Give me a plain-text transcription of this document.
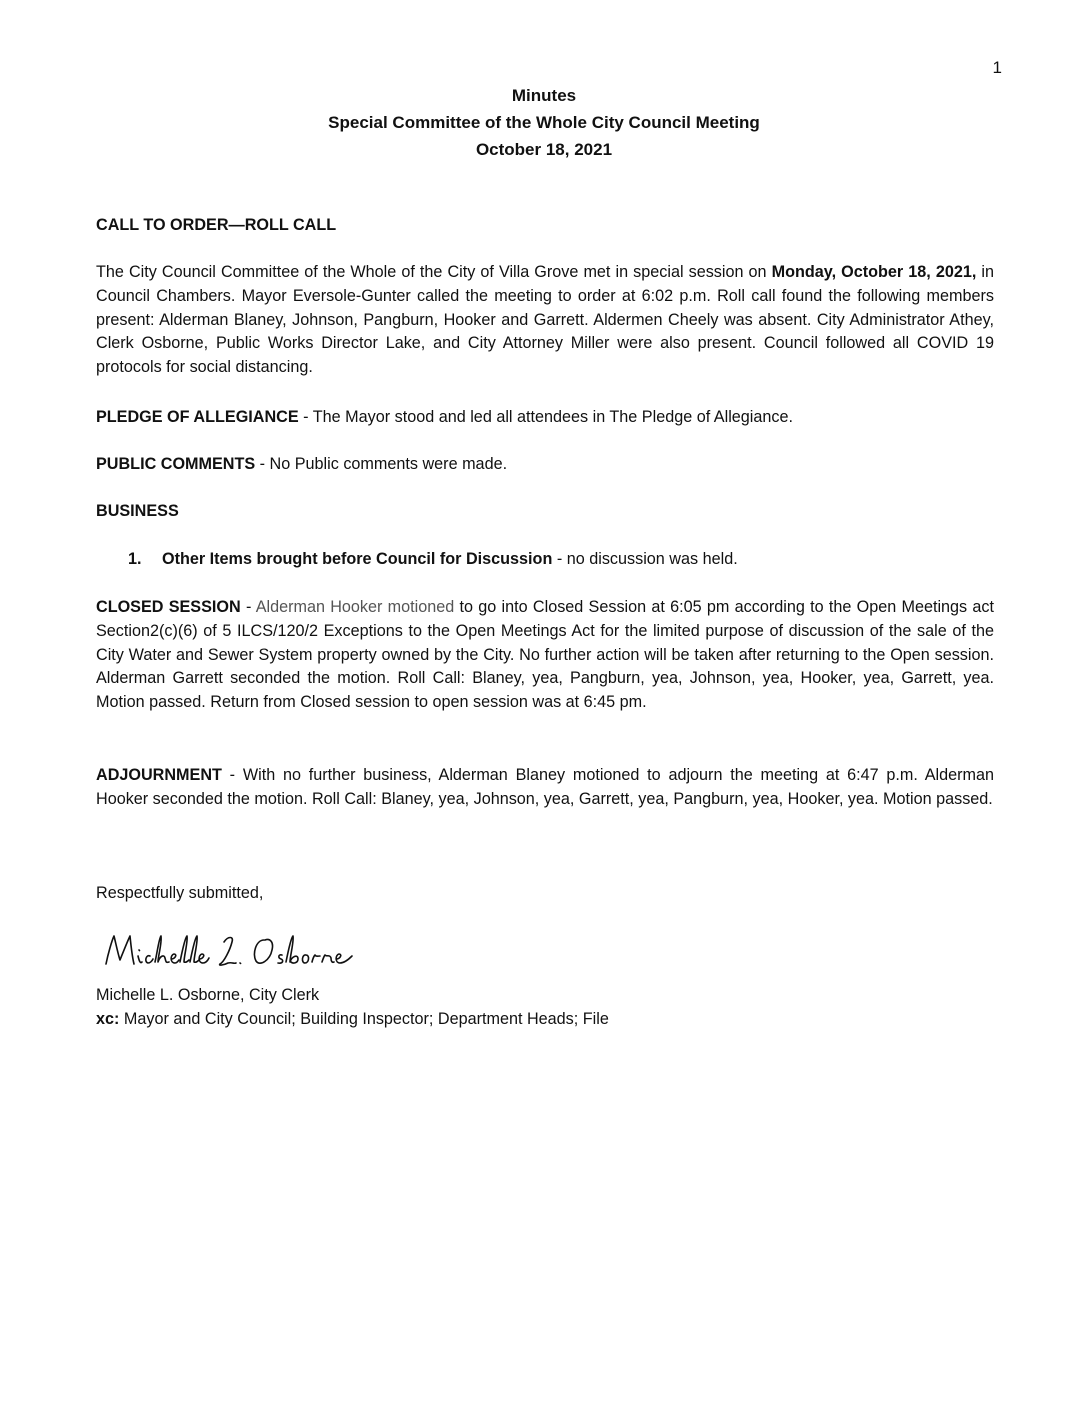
1
Minutes
Special Committee of the Whole City Council Meeting
October 18, 2021
CALL TO ORDER—ROLL CALL
The City Council Committee of the Whole of the City of Villa Grove met in special session on Monday, October 18, 2021, in Council Chambers. Mayor Eversole-Gunter called the meeting to order at 6:02 p.m. Roll call found the following members present: Alderman Blaney, Johnson, Pangburn, Hooker and Garrett. Aldermen Cheely was absent. City Administrator Athey, Clerk Osborne, Public Works Director Lake, and City Attorney Miller were also present. Council followed all COVID 19 protocols for social distancing.
PLEDGE OF ALLEGIANCE - The Mayor stood and led all attendees in The Pledge of Allegiance.
PUBLIC COMMENTS - No Public comments were made.
BUSINESS
1. Other Items brought before Council for Discussion - no discussion was held.
CLOSED SESSION - Alderman Hooker motioned to go into Closed Session at 6:05 pm according to the Open Meetings act Section2(c)(6) of 5 ILCS/120/2 Exceptions to the Open Meetings Act for the limited purpose of discussion of the sale of the City Water and Sewer System property owned by the City. No further action will be taken after returning to the Open session. Alderman Garrett seconded the motion. Roll Call: Blaney, yea, Pangburn, yea, Johnson, yea, Hooker, yea, Garrett, yea. Motion passed. Return from Closed session to open session was at 6:45 pm.
ADJOURNMENT - With no further business, Alderman Blaney motioned to adjourn the meeting at 6:47 p.m. Alderman Hooker seconded the motion. Roll Call: Blaney, yea, Johnson, yea, Garrett, yea, Pangburn, yea, Hooker, yea. Motion passed.
Respectfully submitted,
Michelle L. Osborne, City Clerk
xc: Mayor and City Council; Building Inspector; Department Heads; File
